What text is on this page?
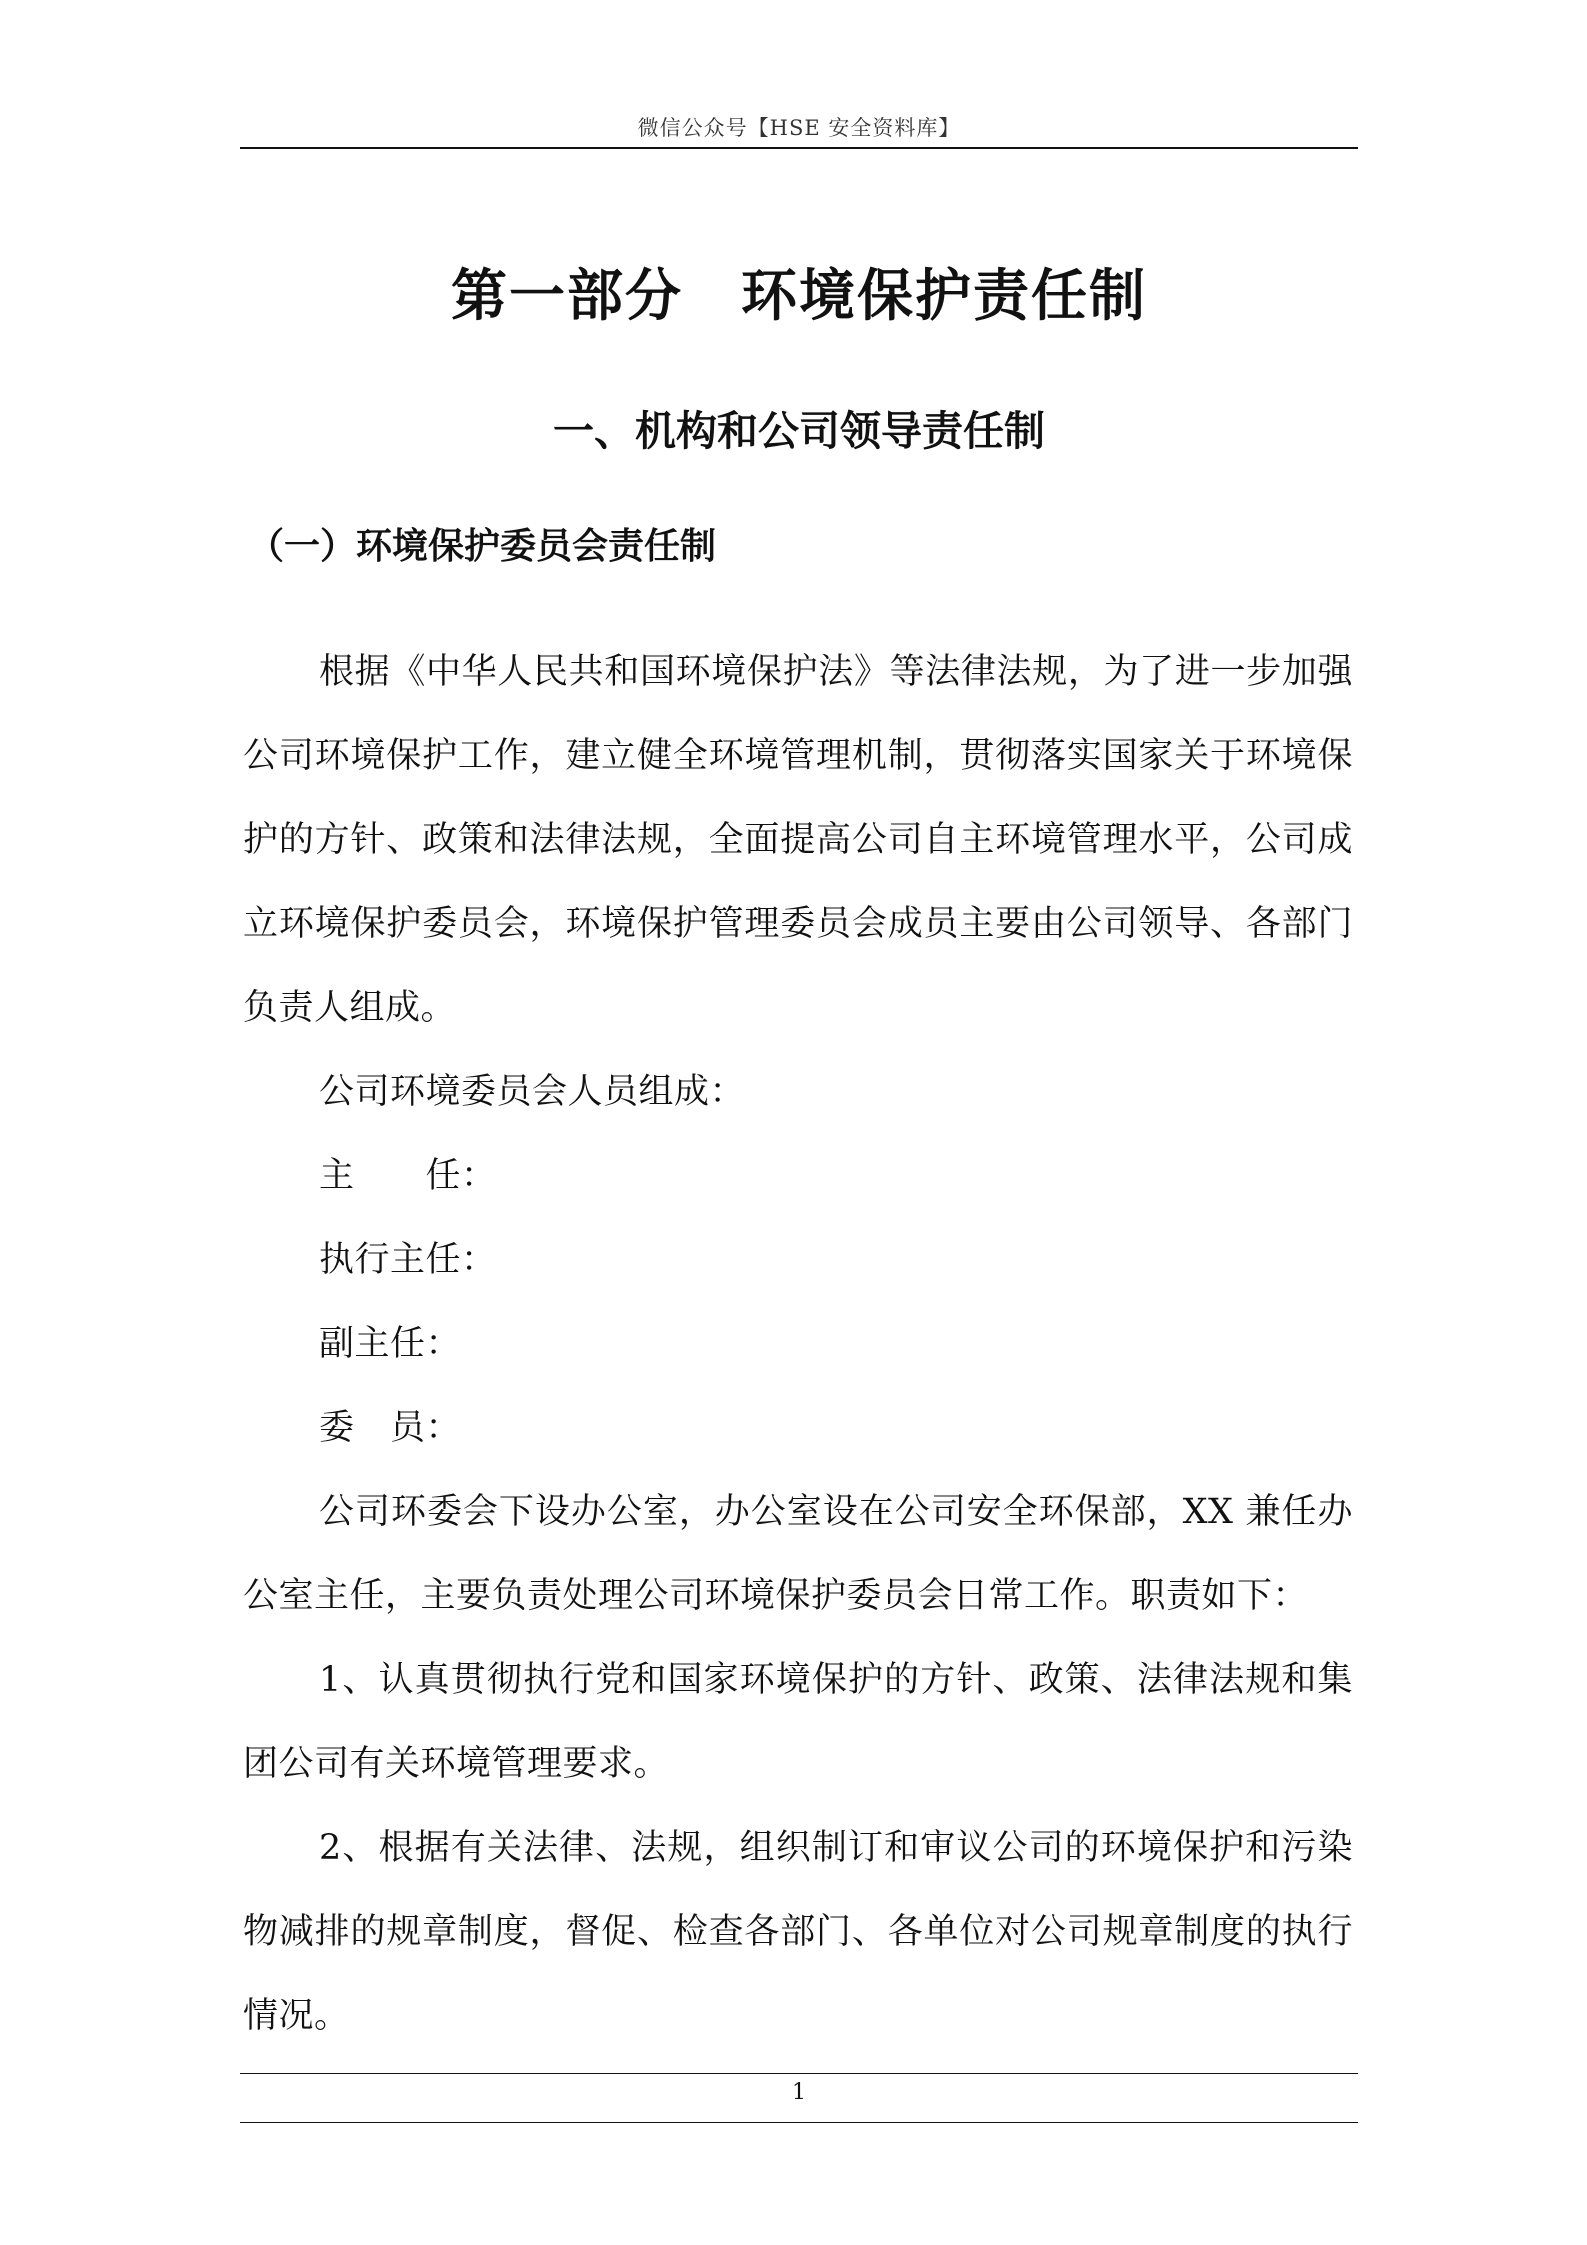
微信公众号【HSE 安全资料库】
第一部分　环境保护责任制
一、机构和公司领导责任制
（一）环境保护委员会责任制

根据《中华人民共和国环境保护法》等法律法规，为了进一步加强公司环境保护工作，建立健全环境管理机制，贯彻落实国家关于环境保护的方针、政策和法律法规，全面提高公司自主环境管理水平，公司成立环境保护委员会，环境保护管理委员会成员主要由公司领导、各部门负责人组成。

公司环境委员会人员组成：

主　　任：

执行主任：

副主任：

委　员：

公司环委会下设办公室，办公室设在公司安全环保部，XX 兼任办公室主任，主要负责处理公司环境保护委员会日常工作。职责如下：

1、认真贯彻执行党和国家环境保护的方针、政策、法律法规和集团公司有关环境管理要求。

2、根据有关法律、法规，组织制订和审议公司的环境保护和污染物减排的规章制度，督促、检查各部门、各单位对公司规章制度的执行情况。

1
